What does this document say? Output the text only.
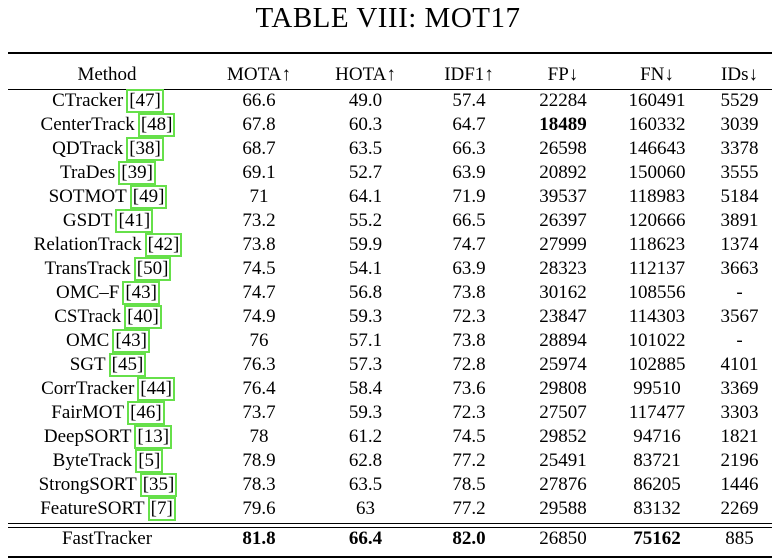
TABLE VIII: MOT17
Method	MOTA↑	HOTA↑	IDF1↑	FP↓	FN↓	IDs↓
CTracker [47]	66.6	49.0	57.4	22284	160491	5529
CenterTrack [48]	67.8	60.3	64.7	18489	160332	3039
QDTrack [38]	68.7	63.5	66.3	26598	146643	3378
TraDes [39]	69.1	52.7	63.9	20892	150060	3555
SOTMOT [49]	71	64.1	71.9	39537	118983	5184
GSDT [41]	73.2	55.2	66.5	26397	120666	3891
RelationTrack [42]	73.8	59.9	74.7	27999	118623	1374
TransTrack [50]	74.5	54.1	63.9	28323	112137	3663
OMC–F [43]	74.7	56.8	73.8	30162	108556	-
CSTrack [40]	74.9	59.3	72.3	23847	114303	3567
OMC [43]	76	57.1	73.8	28894	101022	-
SGT [45]	76.3	57.3	72.8	25974	102885	4101
CorrTracker [44]	76.4	58.4	73.6	29808	99510	3369
FairMOT [46]	73.7	59.3	72.3	27507	117477	3303
DeepSORT [13]	78	61.2	74.5	29852	94716	1821
ByteTrack [5]	78.9	62.8	77.2	25491	83721	2196
StrongSORT [35]	78.3	63.5	78.5	27876	86205	1446
FeatureSORT [7]	79.6	63	77.2	29588	83132	2269
FastTracker	81.8	66.4	82.0	26850	75162	885
